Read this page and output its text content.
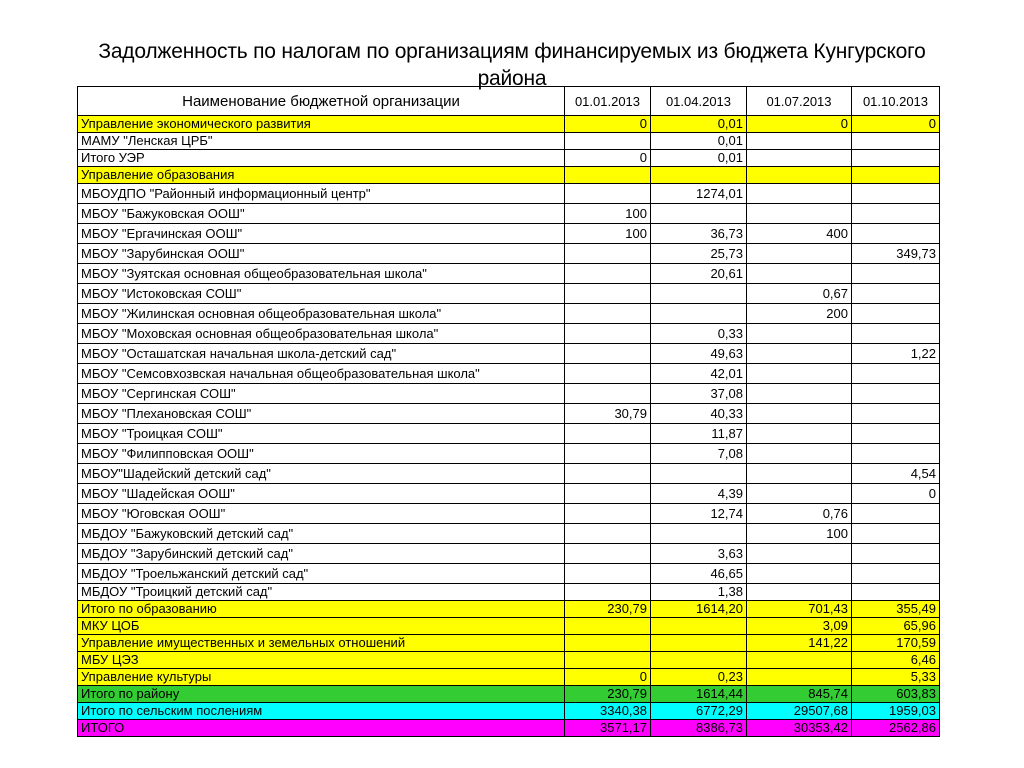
Задолженность по налогам по организациям финансируемых из бюджета Кунгурского
района
Наименование бюджетной организации	01.01.2013	01.04.2013	01.07.2013	01.10.2013
Управление экономического развития	0	0,01	0	0
МАМУ "Ленская ЦРБ"		0,01		
Итого УЭР	0	0,01		
Управление образования				
МБОУДПО "Районный информационный центр"		1274,01		
МБОУ "Бажуковская ООШ"	100			
МБОУ "Ергачинская ООШ"	100	36,73	400	
МБОУ "Зарубинская ООШ"		25,73		349,73
МБОУ "Зуятская основная общеобразовательная школа"		20,61		
МБОУ "Истоковская СОШ"			0,67	
МБОУ "Жилинская основная общеобразовательная школа"			200	
МБОУ "Моховская основная общеобразовательная школа"		0,33		
МБОУ "Осташатская начальная школа-детский сад"		49,63		1,22
МБОУ "Семсовхозвская начальная общеобразовательная школа"		42,01		
МБОУ "Сергинская СОШ"		37,08		
МБОУ "Плехановская СОШ"	30,79	40,33		
МБОУ "Троицкая СОШ"		11,87		
МБОУ "Филипповская ООШ"		7,08		
МБОУ"Шадейский детский сад"				4,54
МБОУ "Шадейская ООШ"		4,39		0
МБОУ "Юговская ООШ"		12,74	0,76	
МБДОУ "Бажуковский детский сад"			100	
МБДОУ "Зарубинский детский сад"		3,63		
МБДОУ "Троельжанский детский сад"		46,65		
МБДОУ "Троицкий детский сад"		1,38		
Итого по образованию	230,79	1614,20	701,43	355,49
МКУ ЦОБ			3,09	65,96
Управление имущественных и земельных отношений			141,22	170,59
МБУ ЦЭЗ				6,46
Управление культуры	0	0,23		5,33
Итого по району	230,79	1614,44	845,74	603,83
Итого по сельским послениям	3340,38	6772,29	29507,68	1959,03
ИТОГО	3571,17	8386,73	30353,42	2562,86
